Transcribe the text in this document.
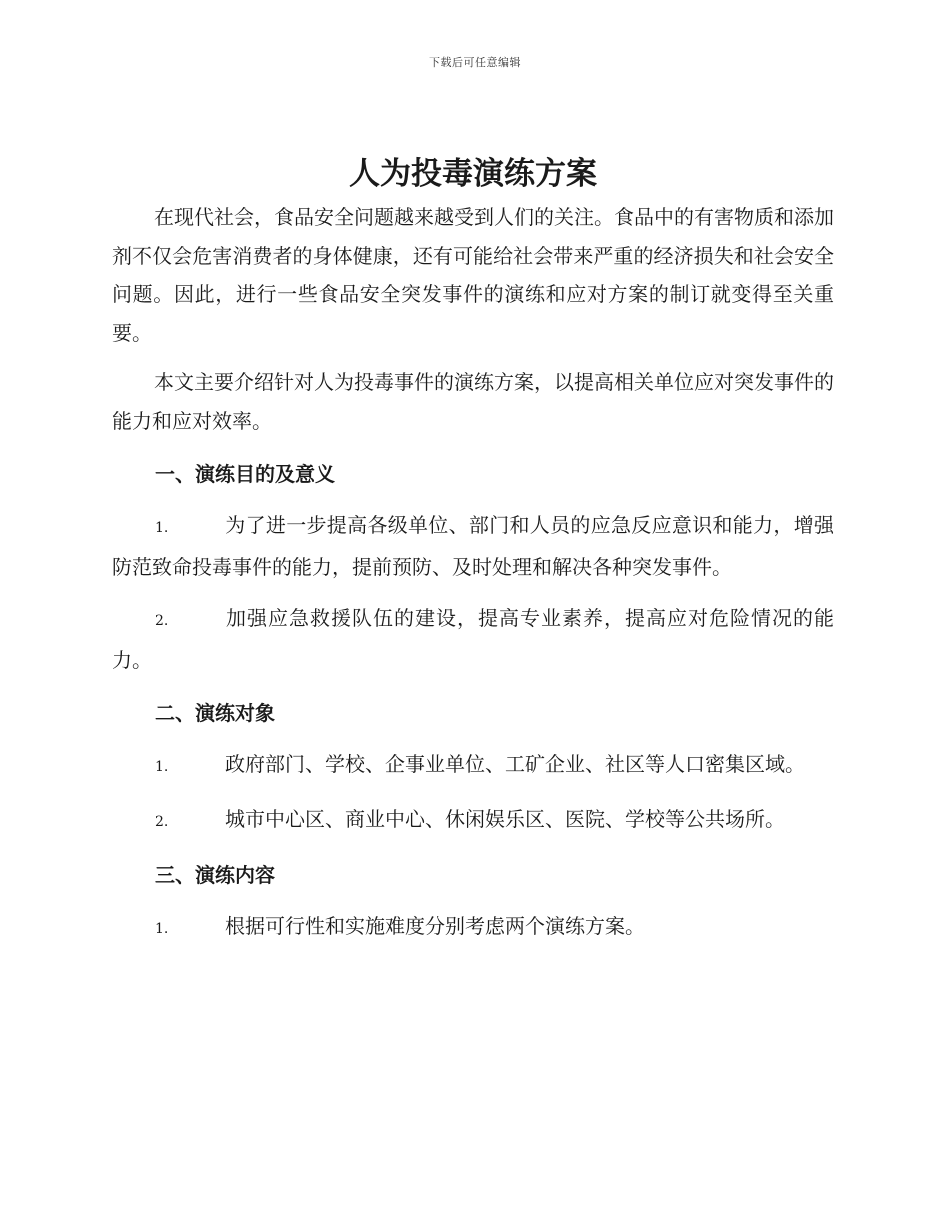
下载后可任意编辑
人为投毒演练方案

在现代社会，食品安全问题越来越受到人们的关注。食品中的有害物质和添加剂不仅会危害消费者的身体健康，还有可能给社会带来严重的经济损失和社会安全问题。因此，进行一些食品安全突发事件的演练和应对方案的制订就变得至关重要。

本文主要介绍针对人为投毒事件的演练方案，以提高相关单位应对突发事件的能力和应对效率。

一、演练目的及意义

1.	为了进一步提高各级单位、部门和人员的应急反应意识和能力，增强防范致命投毒事件的能力，提前预防、及时处理和解决各种突发事件。

2.	加强应急救援队伍的建设，提高专业素养，提高应对危险情况的能力。

二、演练对象

1.	政府部门、学校、企事业单位、工矿企业、社区等人口密集区域。

2.	城市中心区、商业中心、休闲娱乐区、医院、学校等公共场所。

三、演练内容

1.	根据可行性和实施难度分别考虑两个演练方案。
